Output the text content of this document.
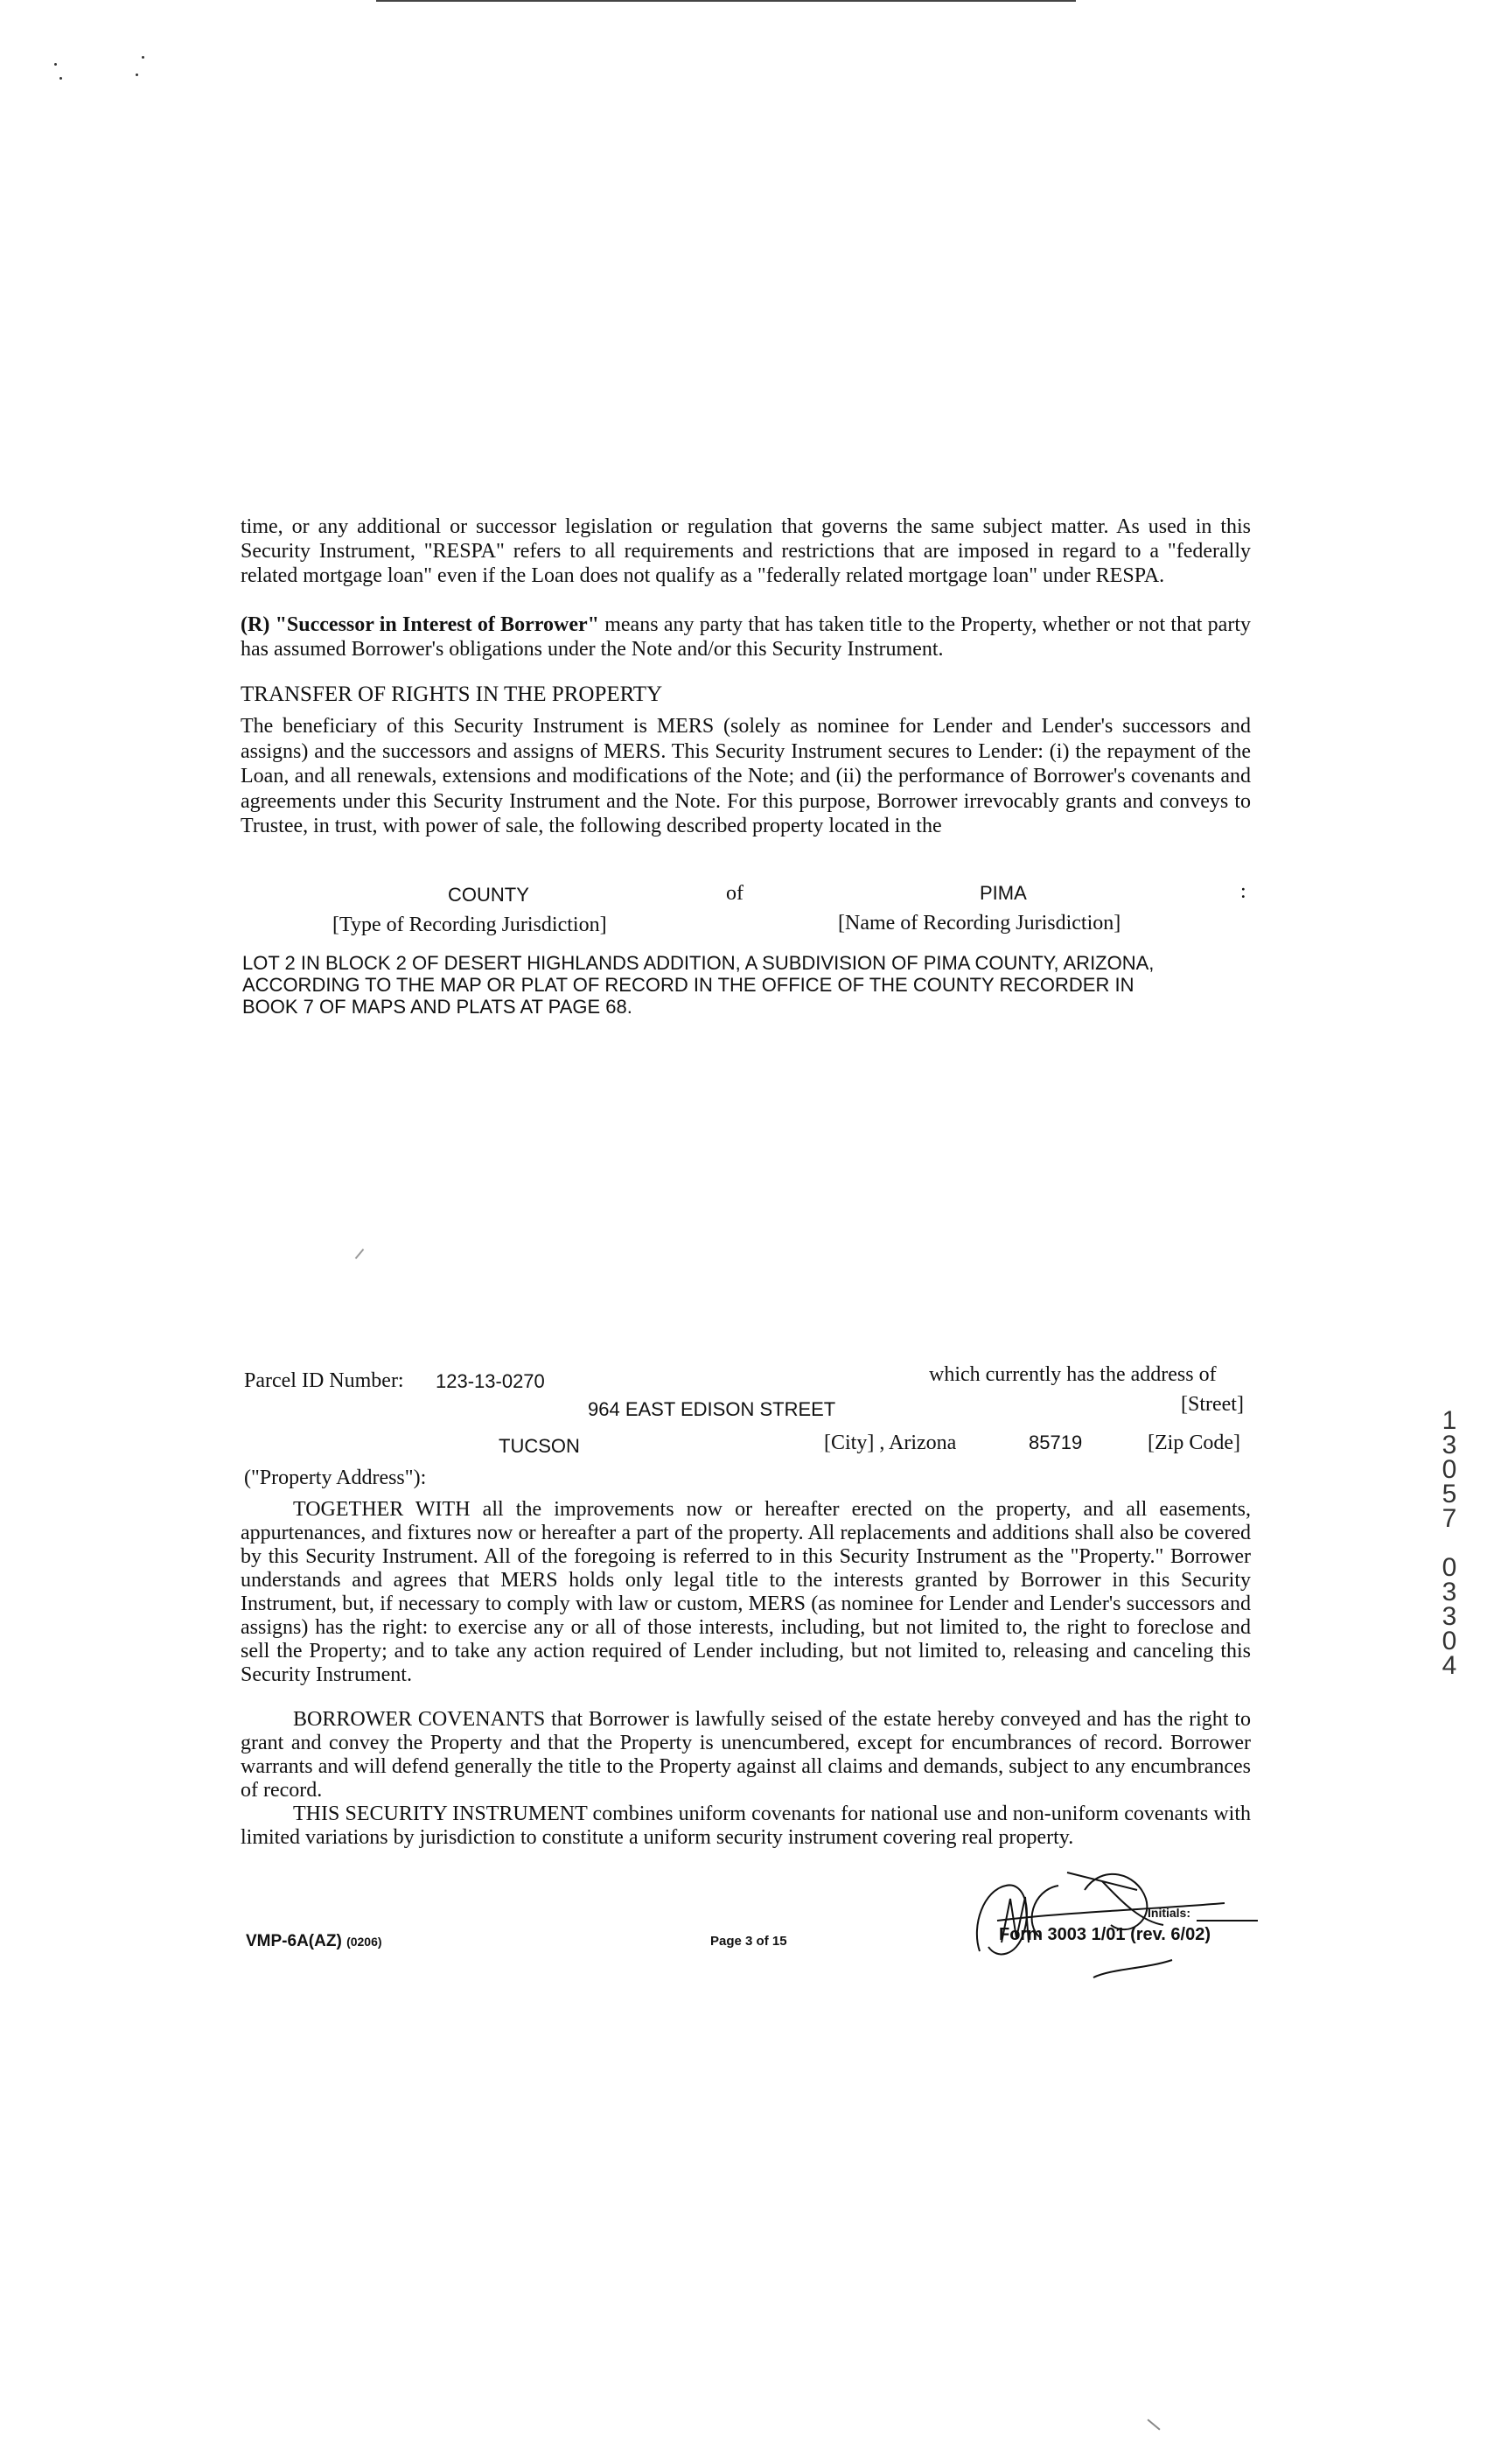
time, or any additional or successor legislation or regulation that governs the same subject matter. As used in this Security Instrument, "RESPA" refers to all requirements and restrictions that are imposed in regard to a "federally related mortgage loan" even if the Loan does not qualify as a "federally related mortgage loan" under RESPA.
(R) "Successor in Interest of Borrower" means any party that has taken title to the Property, whether or not that party has assumed Borrower's obligations under the Note and/or this Security Instrument.
TRANSFER OF RIGHTS IN THE PROPERTY
The beneficiary of this Security Instrument is MERS (solely as nominee for Lender and Lender's successors and assigns) and the successors and assigns of MERS. This Security Instrument secures to Lender: (i) the repayment of the Loan, and all renewals, extensions and modifications of the Note; and (ii) the performance of Borrower's covenants and agreements under this Security Instrument and the Note. For this purpose, Borrower irrevocably grants and conveys to Trustee, in trust, with power of sale, the following described property located in the
COUNTY	of	PIMA	:
[Type of Recording Jurisdiction]	[Name of Recording Jurisdiction]
LOT 2 IN BLOCK 2 OF DESERT HIGHLANDS ADDITION, A SUBDIVISION OF PIMA COUNTY, ARIZONA, ACCORDING TO THE MAP OR PLAT OF RECORD IN THE OFFICE OF THE COUNTY RECORDER IN BOOK 7 OF MAPS AND PLATS AT PAGE 68.
Parcel ID Number: 123-13-0270	which currently has the address of
964 EAST EDISON STREET	[Street]
TUCSON	[City] , Arizona	85719	[Zip Code]
("Property Address"):
TOGETHER WITH all the improvements now or hereafter erected on the property, and all easements, appurtenances, and fixtures now or hereafter a part of the property. All replacements and additions shall also be covered by this Security Instrument. All of the foregoing is referred to in this Security Instrument as the "Property." Borrower understands and agrees that MERS holds only legal title to the interests granted by Borrower in this Security Instrument, but, if necessary to comply with law or custom, MERS (as nominee for Lender and Lender's successors and assigns) has the right: to exercise any or all of those interests, including, but not limited to, the right to foreclose and sell the Property; and to take any action required of Lender including, but not limited to, releasing and canceling this Security Instrument.
BORROWER COVENANTS that Borrower is lawfully seised of the estate hereby conveyed and has the right to grant and convey the Property and that the Property is unencumbered, except for encumbrances of record. Borrower warrants and will defend generally the title to the Property against all claims and demands, subject to any encumbrances of record.
THIS SECURITY INSTRUMENT combines uniform covenants for national use and non-uniform covenants with limited variations by jurisdiction to constitute a uniform security instrument covering real property.
1
3
0
5
7
0
3
3
0
4
Initials:
VMP-6A(AZ) (0206)	Page 3 of 15	Form 3003 1/01 (rev. 6/02)
